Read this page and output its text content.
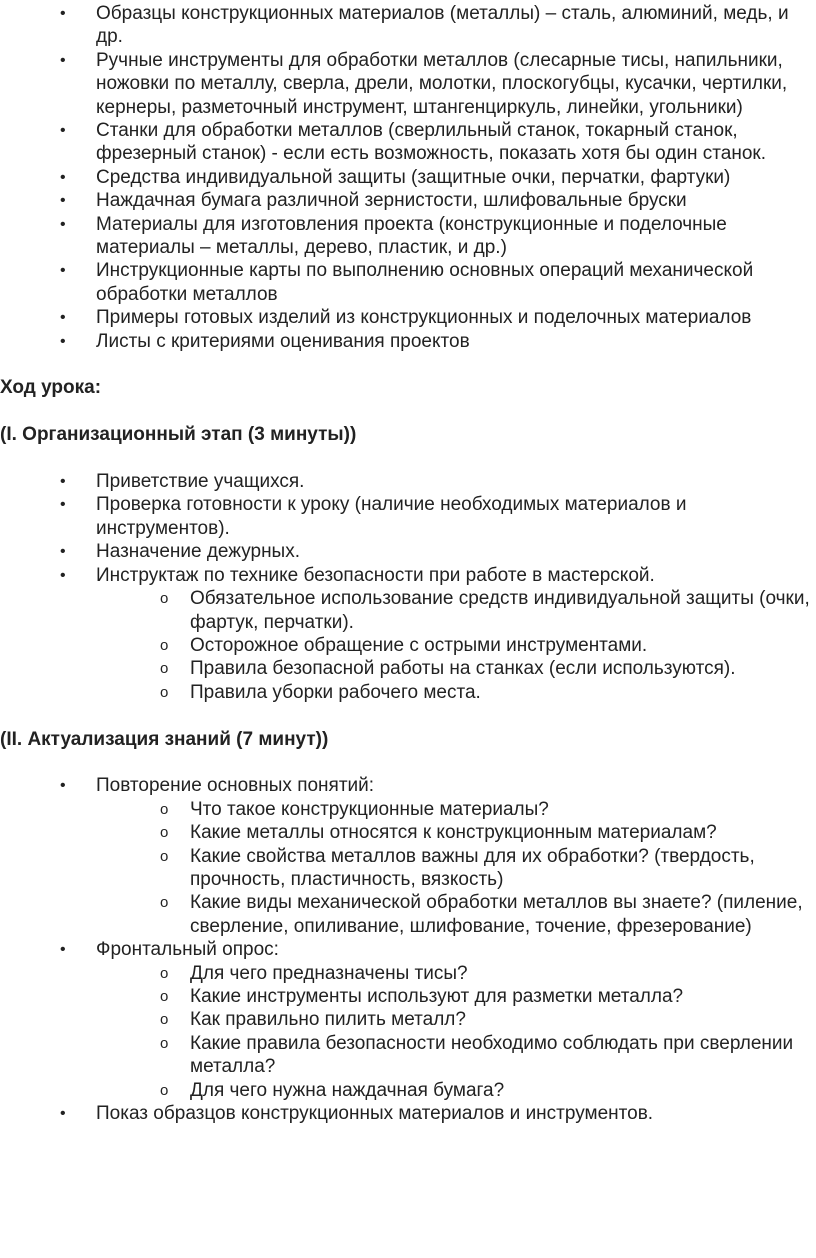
• Образцы конструкционных материалов (металлы) – сталь, алюминий, медь, и др.
• Ручные инструменты для обработки металлов (слесарные тисы, напильники, ножовки по металлу, сверла, дрели, молотки, плоскогубцы, кусачки, чертилки, кернеры, разметочный инструмент, штангенциркуль, линейки, угольники)
• Станки для обработки металлов (сверлильный станок, токарный станок, фрезерный станок) - если есть возможность, показать хотя бы один станок.
• Средства индивидуальной защиты (защитные очки, перчатки, фартуки)
• Наждачная бумага различной зернистости, шлифовальные бруски
• Материалы для изготовления проекта (конструкционные и поделочные материалы – металлы, дерево, пластик, и др.)
• Инструкционные карты по выполнению основных операций механической обработки металлов
• Примеры готовых изделий из конструкционных и поделочных материалов
• Листы с критериями оценивания проектов

Ход урока:

(I. Организационный этап (3 минуты))

• Приветствие учащихся.
• Проверка готовности к уроку (наличие необходимых материалов и инструментов).
• Назначение дежурных.
• Инструктаж по технике безопасности при работе в мастерской.
o Обязательное использование средств индивидуальной защиты (очки, фартук, перчатки).
o Осторожное обращение с острыми инструментами.
o Правила безопасной работы на станках (если используются).
o Правила уборки рабочего места.

(II. Актуализация знаний (7 минут))

• Повторение основных понятий:
o Что такое конструкционные материалы?
o Какие металлы относятся к конструкционным материалам?
o Какие свойства металлов важны для их обработки? (твердость, прочность, пластичность, вязкость)
o Какие виды механической обработки металлов вы знаете? (пиление, сверление, опиливание, шлифование, точение, фрезерование)
• Фронтальный опрос:
o Для чего предназначены тисы?
o Какие инструменты используют для разметки металла?
o Как правильно пилить металл?
o Какие правила безопасности необходимо соблюдать при сверлении металла?
o Для чего нужна наждачная бумага?
• Показ образцов конструкционных материалов и инструментов.
